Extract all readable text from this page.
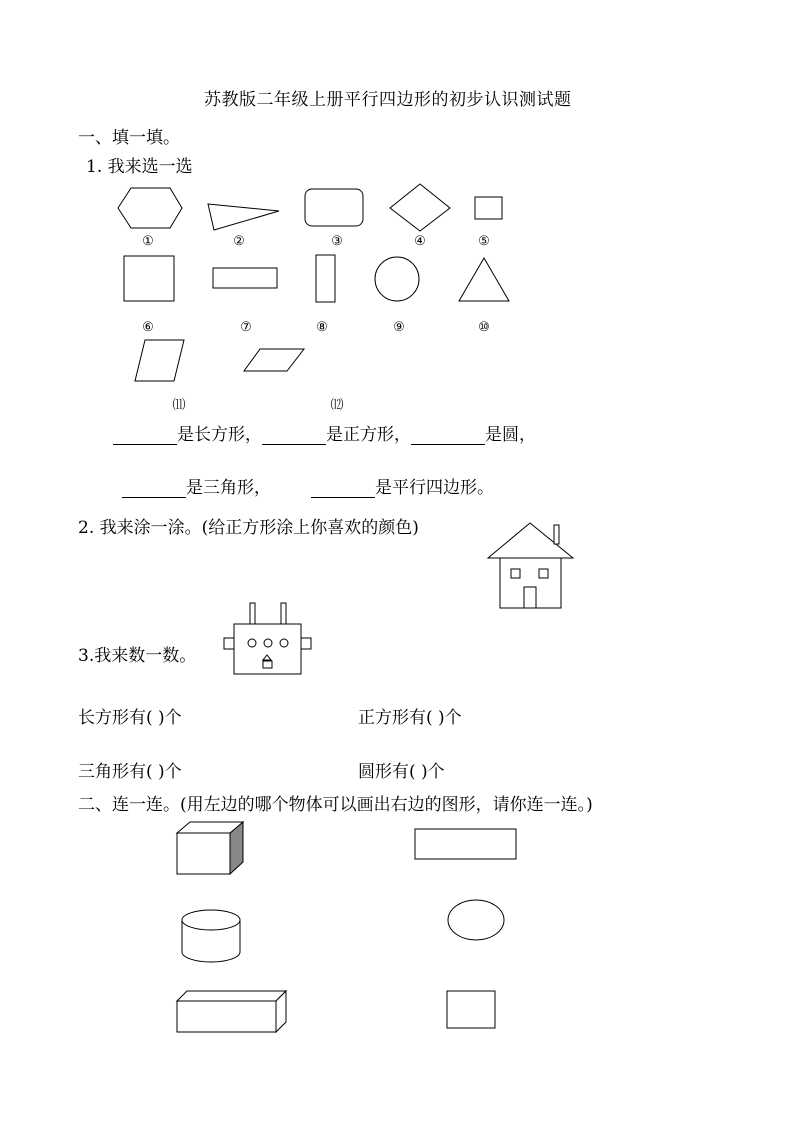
苏教版二年级上册平行四边形的初步认识测试题
一、填一填。
1. 我来选一选
①	②	③	④	⑤
⑥	⑦	⑧	⑨	⑩
⑾	⑿
是长方形，	是正方形，	是圆，
是三角形，	是平行四边形。
2. 我来涂一涂。(给正方形涂上你喜欢的颜色)
3.我来数一数。
长方形有( )个	正方形有( )个
三角形有( )个	圆形有( )个
二、连一连。(用左边的哪个物体可以画出右边的图形，请你连一连。)
